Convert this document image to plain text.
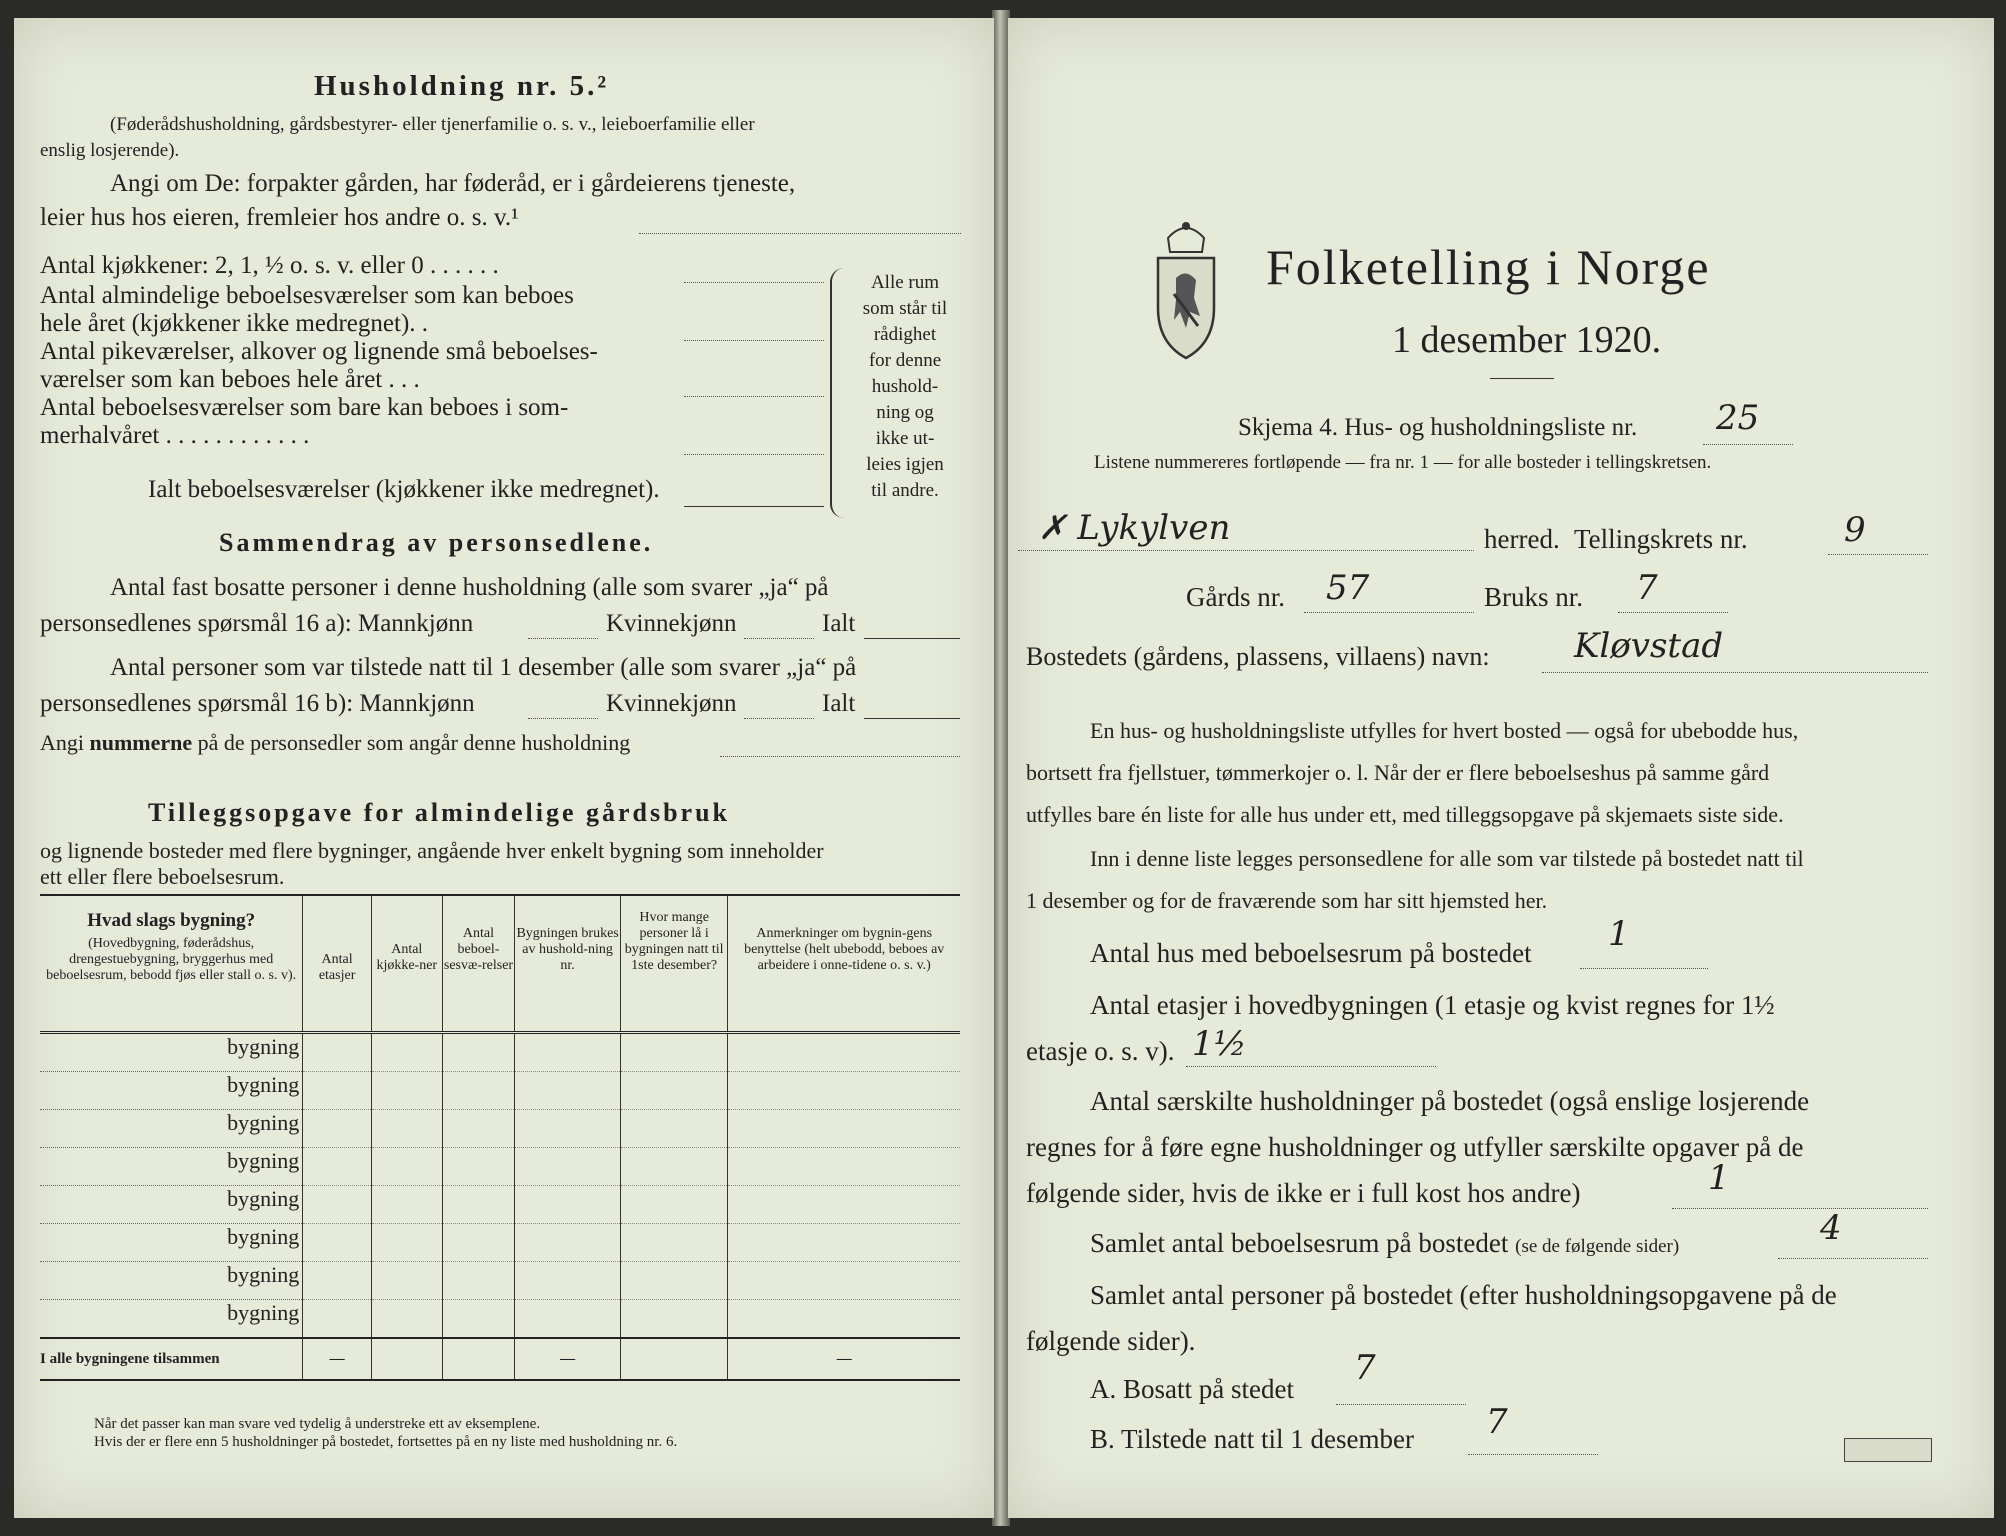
Husholdning nr. 5.²
(Føderådshusholdning, gårdsbestyrer- eller tjenerfamilie o. s. v., leieboerfamilie eller
enslig losjerende).
Angi om De: forpakter gården, har føderåd, er i gårdeierens tjeneste,
leier hus hos eieren, fremleier hos andre o. s. v.¹
Antal kjøkkener: 2, 1, ½ o. s. v. eller 0 . . . . . .
Antal almindelige beboelsesværelser som kan beboes
hele året (kjøkkener ikke medregnet). .
Antal pikeværelser, alkover og lignende små beboelses-
værelser som kan beboes hele året . . .
Antal beboelsesværelser som bare kan beboes i som-
merhalvåret . . . . . . . . . . . .
Ialt beboelsesværelser (kjøkkener ikke medregnet).
Alle rum
som står til
rådighet
for denne
hushold-
ning og
ikke ut-
leies igjen
til andre.
Sammendrag av personsedlene.
Antal fast bosatte personer i denne husholdning (alle som svarer „ja“ på
personsedlenes spørsmål 16 a): Mannkjønn	Kvinnekjønn	Ialt
Antal personer som var tilstede natt til 1 desember (alle som svarer „ja“ på
personsedlenes spørsmål 16 b): Mannkjønn	Kvinnekjønn	Ialt
Angi nummerne på de personsedler som angår denne husholdning
Tilleggsopgave for almindelige gårdsbruk
og lignende bosteder med flere bygninger, angående hver enkelt bygning som inneholder
ett eller flere beboelsesrum.
Hvad slags bygning?
(Hovedbygning, føderådshus, drengestuebygning, bryggerhus med beboelsesrum, bebodd fjøs eller stall o. s. v).	Antal etasjer	Antal kjøkke-ner	Antal beboel-sesvæ-relser	Bygningen brukes av hushold-ning nr.	Hvor mange personer lå i bygningen natt til 1ste desember?	Anmerkninger om bygnin-gens benyttelse (helt ubebodd, beboes av arbeidere i onne-tidene o. s. v.)

bygning						
bygning						
bygning						
bygning						
bygning						
bygning						
bygning						
bygning						
I alle bygningene tilsammen	—			—		—
Når det passer kan man svare ved tydelig å understreke ett av eksemplene.
Hvis der er flere enn 5 husholdninger på bostedet, fortsettes på en ny liste med husholdning nr. 6.
Folketelling i Norge
1 desember 1920.
Skjema 4. Hus- og husholdningsliste nr. 25
Listene nummereres fortløpende — fra nr. 1 — for alle bosteder i tellingskretsen.
✗ Lykylven	herred. Tellingskrets nr.	9
Gårds nr. 57	Bruks nr. 7
Bostedets (gårdens, plassens, villaens) navn: Kløvstad
En hus- og husholdningsliste utfylles for hvert bosted — også for ubebodde hus,
bortsett fra fjellstuer, tømmerkojer o. l. Når der er flere beboelseshus på samme gård
utfylles bare én liste for alle hus under ett, med tilleggsopgave på skjemaets siste side.
Inn i denne liste legges personsedlene for alle som var tilstede på bostedet natt til
1 desember og for de fraværende som har sitt hjemsted her.
Antal hus med beboelsesrum på bostedet 1
Antal etasjer i hovedbygningen (1 etasje og kvist regnes for 1½
etasje o. s. v). 1½
Antal særskilte husholdninger på bostedet (også enslige losjerende
regnes for å føre egne husholdninger og utfyller særskilte opgaver på de
følgende sider, hvis de ikke er i full kost hos andre)	1
Samlet antal beboelsesrum på bostedet (se de følgende sider)	4
Samlet antal personer på bostedet (efter husholdningsopgavene på de
følgende sider).
A. Bosatt på stedet
7
B. Tilstede natt til 1 desember 7
